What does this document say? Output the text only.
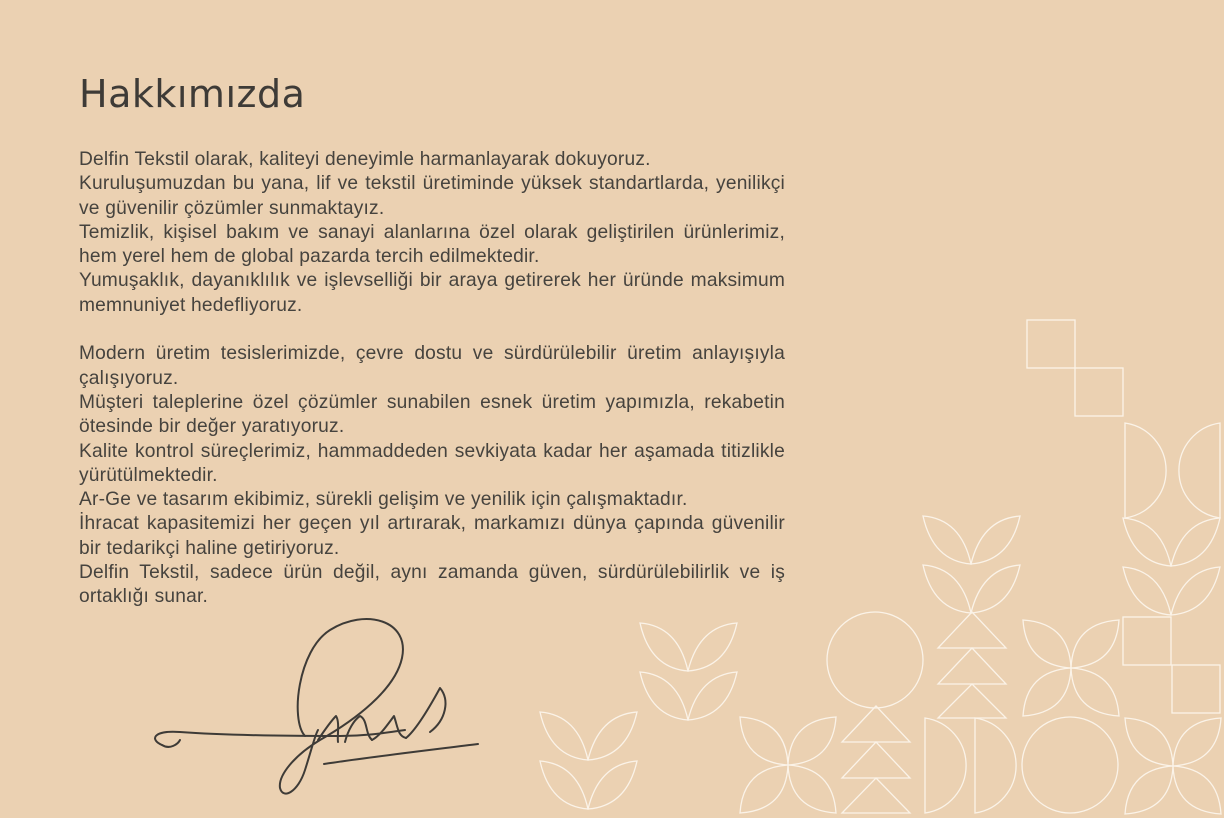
Hakkımızda

Delfin Tekstil olarak, kaliteyi deneyimle harmanlayarak dokuyoruz.

Kuruluşumuzdan bu yana, lif ve tekstil üretiminde yüksek standartlarda, yenilikçi ve güvenilir çözümler sunmaktayız.

Temizlik, kişisel bakım ve sanayi alanlarına özel olarak geliştirilen ürünlerimiz, hem yerel hem de global pazarda tercih edilmektedir.

Yumuşaklık, dayanıklılık ve işlevselliği bir araya getirerek her üründe maksimum memnuniyet hedefliyoruz.

Modern üretim tesislerimizde, çevre dostu ve sürdürülebilir üretim anlayışıyla çalışıyoruz.

Müşteri taleplerine özel çözümler sunabilen esnek üretim yapımızla, rekabetin ötesinde bir değer yaratıyoruz.

Kalite kontrol süreçlerimiz, hammaddeden sevkiyata kadar her aşamada titizlikle yürütülmektedir.

Ar-Ge ve tasarım ekibimiz, sürekli gelişim ve yenilik için çalışmaktadır.

İhracat kapasitemizi her geçen yıl artırarak, markamızı dünya çapında güvenilir bir tedarikçi haline getiriyoruz.

Delfin Tekstil, sadece ürün değil, aynı zamanda güven, sürdürülebilirlik ve iş ortaklığı sunar.
